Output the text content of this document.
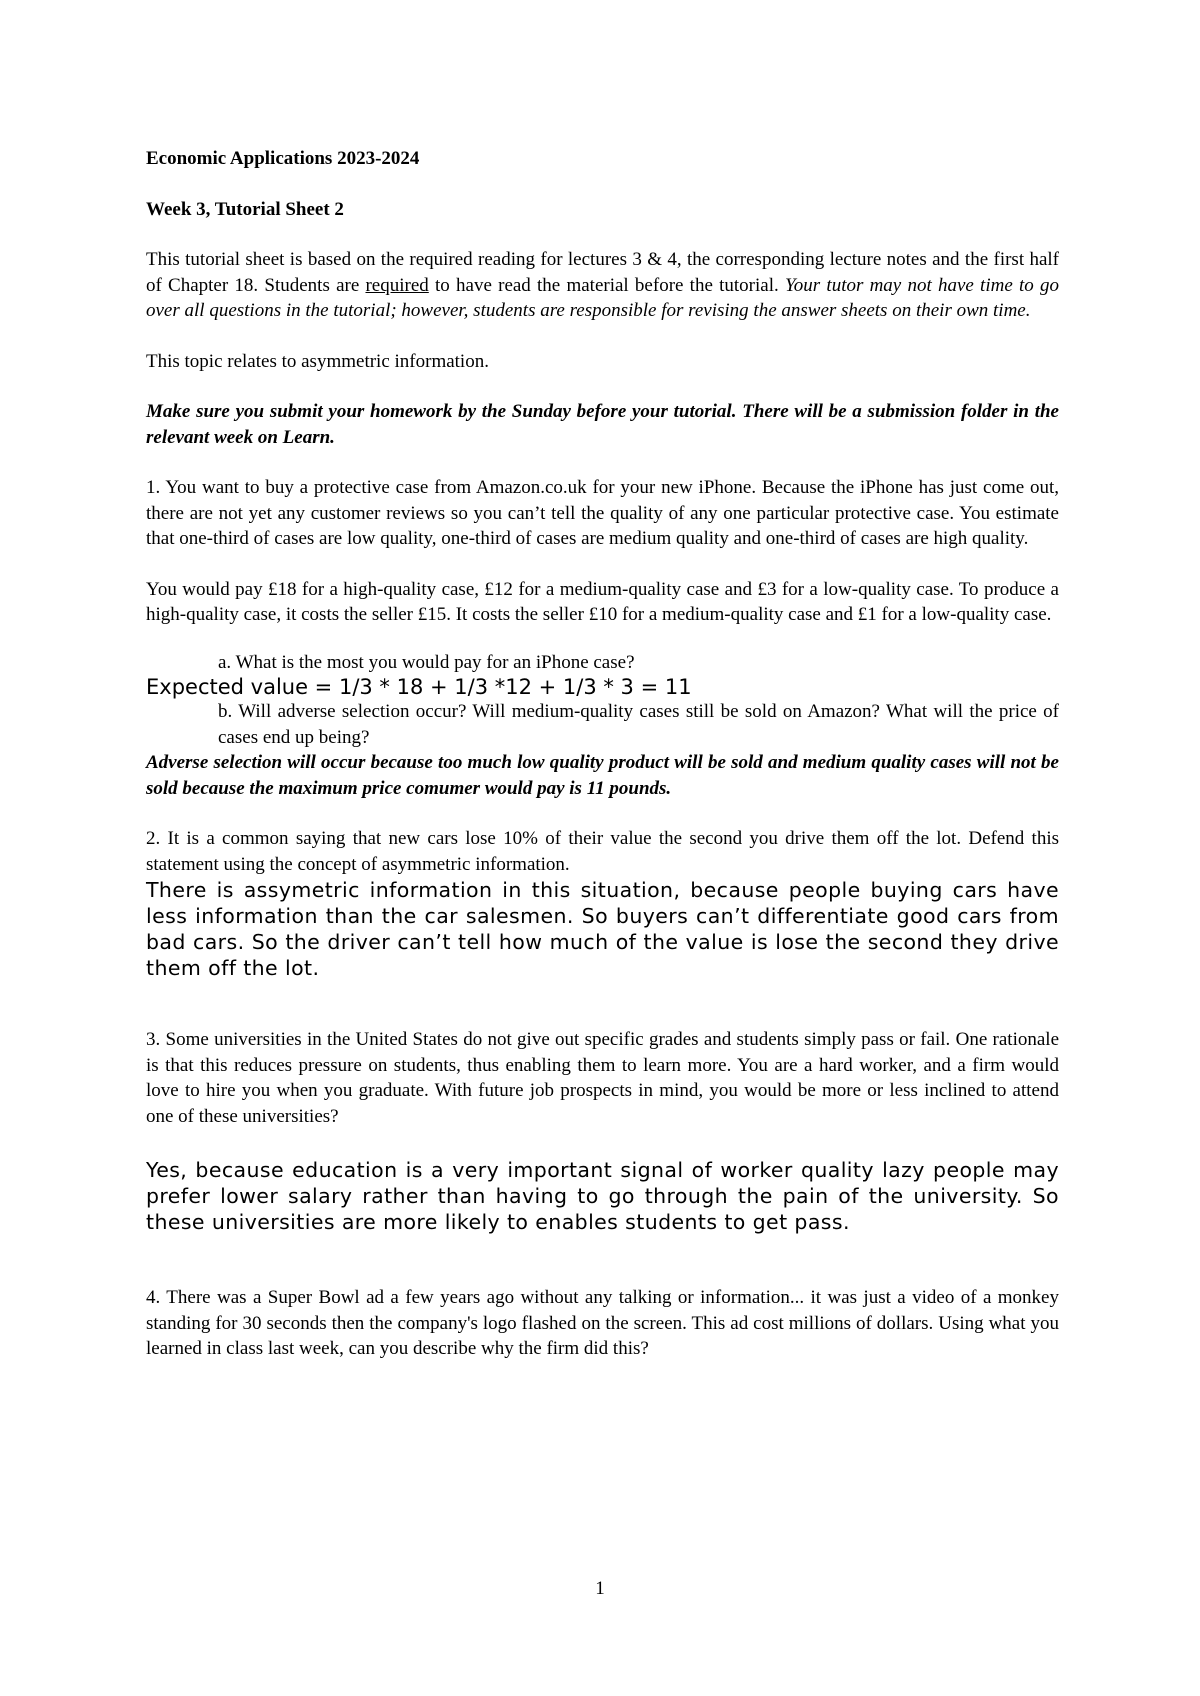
Economic Applications 2023-2024

Week 3, Tutorial Sheet 2

This tutorial sheet is based on the required reading for lectures 3 & 4, the corresponding lecture notes and the first half of Chapter 18. Students are required to have read the material before the tutorial. Your tutor may not have time to go over all questions in the tutorial; however, students are responsible for revising the answer sheets on their own time.

This topic relates to asymmetric information.

Make sure you submit your homework by the Sunday before your tutorial. There will be a submission folder in the relevant week on Learn.

1. You want to buy a protective case from Amazon.co.uk for your new iPhone. Because the iPhone has just come out, there are not yet any customer reviews so you can’t tell the quality of any one particular protective case. You estimate that one-third of cases are low quality, one-third of cases are medium quality and one-third of cases are high quality.

You would pay £18 for a high-quality case, £12 for a medium-quality case and £3 for a low-quality case. To produce a high-quality case, it costs the seller £15. It costs the seller £10 for a medium-quality case and £1 for a low-quality case.

a. What is the most you would pay for an iPhone case?

Expected value = 1/3 * 18 + 1/3 *12 + 1/3 * 3 = 11

b. Will adverse selection occur? Will medium-quality cases still be sold on Amazon? What will the price of cases end up being?

Adverse selection will occur because too much low quality product will be sold and medium quality cases will not be sold because the maximum price comumer would pay is 11 pounds.

2. It is a common saying that new cars lose 10% of their value the second you drive them off the lot. Defend this statement using the concept of asymmetric information.

There is assymetric information in this situation, because people buying cars have less information than the car salesmen. So buyers can’t differentiate good cars from bad cars. So the driver can’t tell how much of the value is lose the second they drive them off the lot.

3. Some universities in the United States do not give out specific grades and students simply pass or fail. One rationale is that this reduces pressure on students, thus enabling them to learn more. You are a hard worker, and a firm would love to hire you when you graduate. With future job prospects in mind, you would be more or less inclined to attend one of these universities?

Yes, because education is a very important signal of worker quality lazy people may prefer lower salary rather than having to go through the pain of the university. So these universities are more likely to enables students to get pass.

4. There was a Super Bowl ad a few years ago without any talking or information... it was just a video of a monkey standing for 30 seconds then the company's logo flashed on the screen. This ad cost millions of dollars. Using what you learned in class last week, can you describe why the firm did this?

1
